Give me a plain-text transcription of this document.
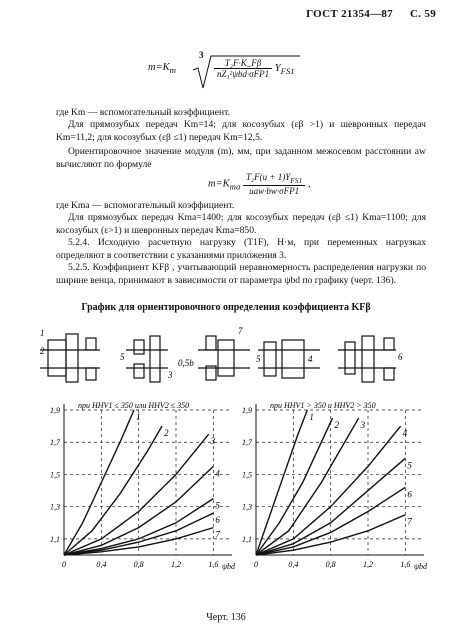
ГОСТ 21354—87 С. 59
$m=K_m$
3
$\frac{\text{T₂F·K\_Fβ}}{\text{nZ₁²ψbd·σFP1}} Y_{FS1}$
где Km — вспомогательный коэффициент.
Для прямозубых передач Km=14; для косозубых (εβ >1) и шевронных передач Km=11,2; для косозубых (εβ ≤1) передач Km=12,5.
Ориентировочное значение модуля (m), мм, при заданном межосевом расстоянии aw вычисляют по формуле
$m=K_{ma} \frac{T_2F(u + 1)Y_{FS1}}{\text{uaw·bw·σFP1}}$ ,
где Kma — вспомогательный коэффициент.
Для прямозубых передач Kma=1400; для косозубых передач (εβ ≤1) Kma=1100; для косозубых (ε>1) и шевронных передач Kma=850.
5.2.4. Исходную расчетную нагрузку (T1F), Н·м, при переменных нагрузках определяют в соответствии с указаниями приложения 3.
5.2.5. Коэффициент KFβ , учитывающий неравномерность распределения нагрузки по ширине венца, принимают в зависимости от параметра ψbd по графику (черт. 136).
График для ориентировочного определения коэффициента KFβ
1
2
5
3
0,5b
7
5	4	6
при HHV1 ≤ 350 или HHV2 ≤ 350
1,9
1,7
1,5
1,3
1,1
0	0,4	0,8	1,2	1,6 ψbd
1
2
3
4
5
6
7
при HHV1 > 350 и HHV2 > 350
1,9
1,7
1,5
1,3
1,1
0	0,4	0,8	1,2	1,6 ψbd
1
2 3
4
5
6
7
Черт. 136
